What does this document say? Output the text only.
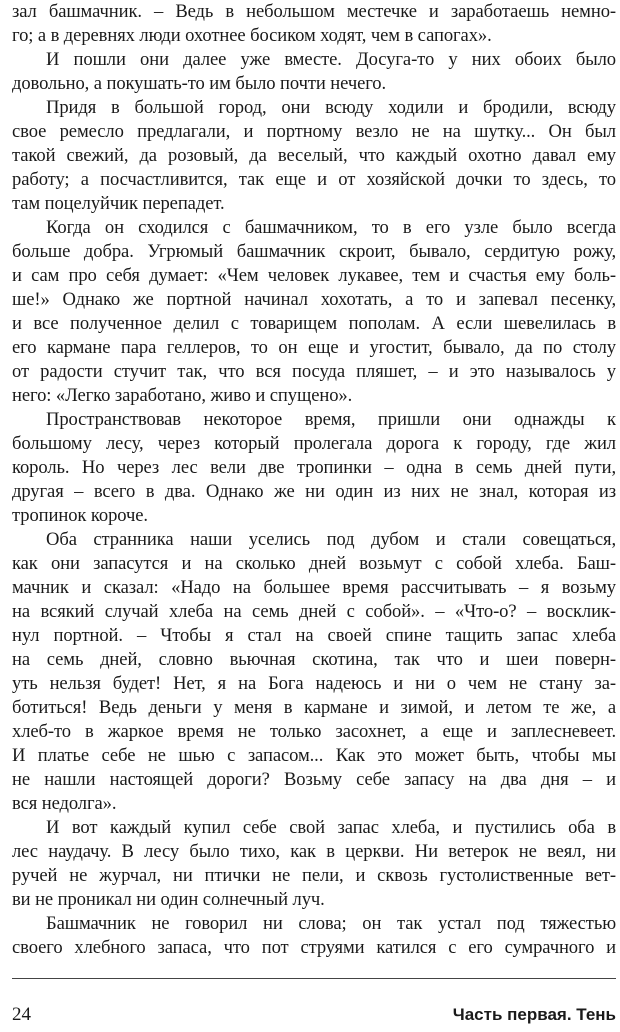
зал башмачник. – Ведь в небольшом местечке и заработаешь немно-
го; а в деревнях люди охотнее босиком ходят, чем в сапогах».
И пошли они далее уже вместе. Досуга-то у них обоих было
довольно, а покушать-то им было почти нечего.
Придя в большой город, они всюду ходили и бродили, всюду
свое ремесло предлагали, и портному везло не на шутку... Он был
такой свежий, да розовый, да веселый, что каждый охотно давал ему
работу; а посчастливится, так еще и от хозяйской дочки то здесь, то
там поцелуйчик перепадет.
Когда он сходился с башмачником, то в его узле было всегда
больше добра. Угрюмый башмачник скроит, бывало, сердитую рожу,
и сам про себя думает: «Чем человек лукавее, тем и счастья ему боль-
ше!» Однако же портной начинал хохотать, а то и запевал песенку,
и все полученное делил с товарищем пополам. А если шевелилась в
его кармане пара геллеров, то он еще и угостит, бывало, да по столу
от радости стучит так, что вся посуда пляшет, – и это называлось у
него: «Легко заработано, живо и спущено».
Пространствовав некоторое время, пришли они однажды к
большому лесу, через который пролегала дорога к городу, где жил
король. Но через лес вели две тропинки – одна в семь дней пути,
другая – всего в два. Однако же ни один из них не знал, которая из
тропинок короче.
Оба странника наши уселись под дубом и стали совещаться,
как они запасутся и на сколько дней возьмут с собой хлеба. Баш-
мачник и сказал: «Надо на большее время рассчитывать – я возьму
на всякий случай хлеба на семь дней с собой». – «Что-о? – восклик-
нул портной. – Чтобы я стал на своей спине тащить запас хлеба
на семь дней, словно вьючная скотина, так что и шеи поверн-
уть нельзя будет! Нет, я на Бога надеюсь и ни о чем не стану за-
ботиться! Ведь деньги у меня в кармане и зимой, и летом те же, а
хлеб-то в жаркое время не только засохнет, а еще и заплесневеет.
И платье себе не шью с запасом... Как это может быть, чтобы мы
не нашли настоящей дороги? Возьму себе запасу на два дня – и
вся недолга».
И вот каждый купил себе свой запас хлеба, и пустились оба в
лес наудачу. В лесу было тихо, как в церкви. Ни ветерок не веял, ни
ручей не журчал, ни птички не пели, и сквозь густолиственные вет-
ви не проникал ни один солнечный луч.
Башмачник не говорил ни слова; он так устал под тяжестью
своего хлебного запаса, что пот струями катился с его сумрачного и
24	Часть первая. Тень
